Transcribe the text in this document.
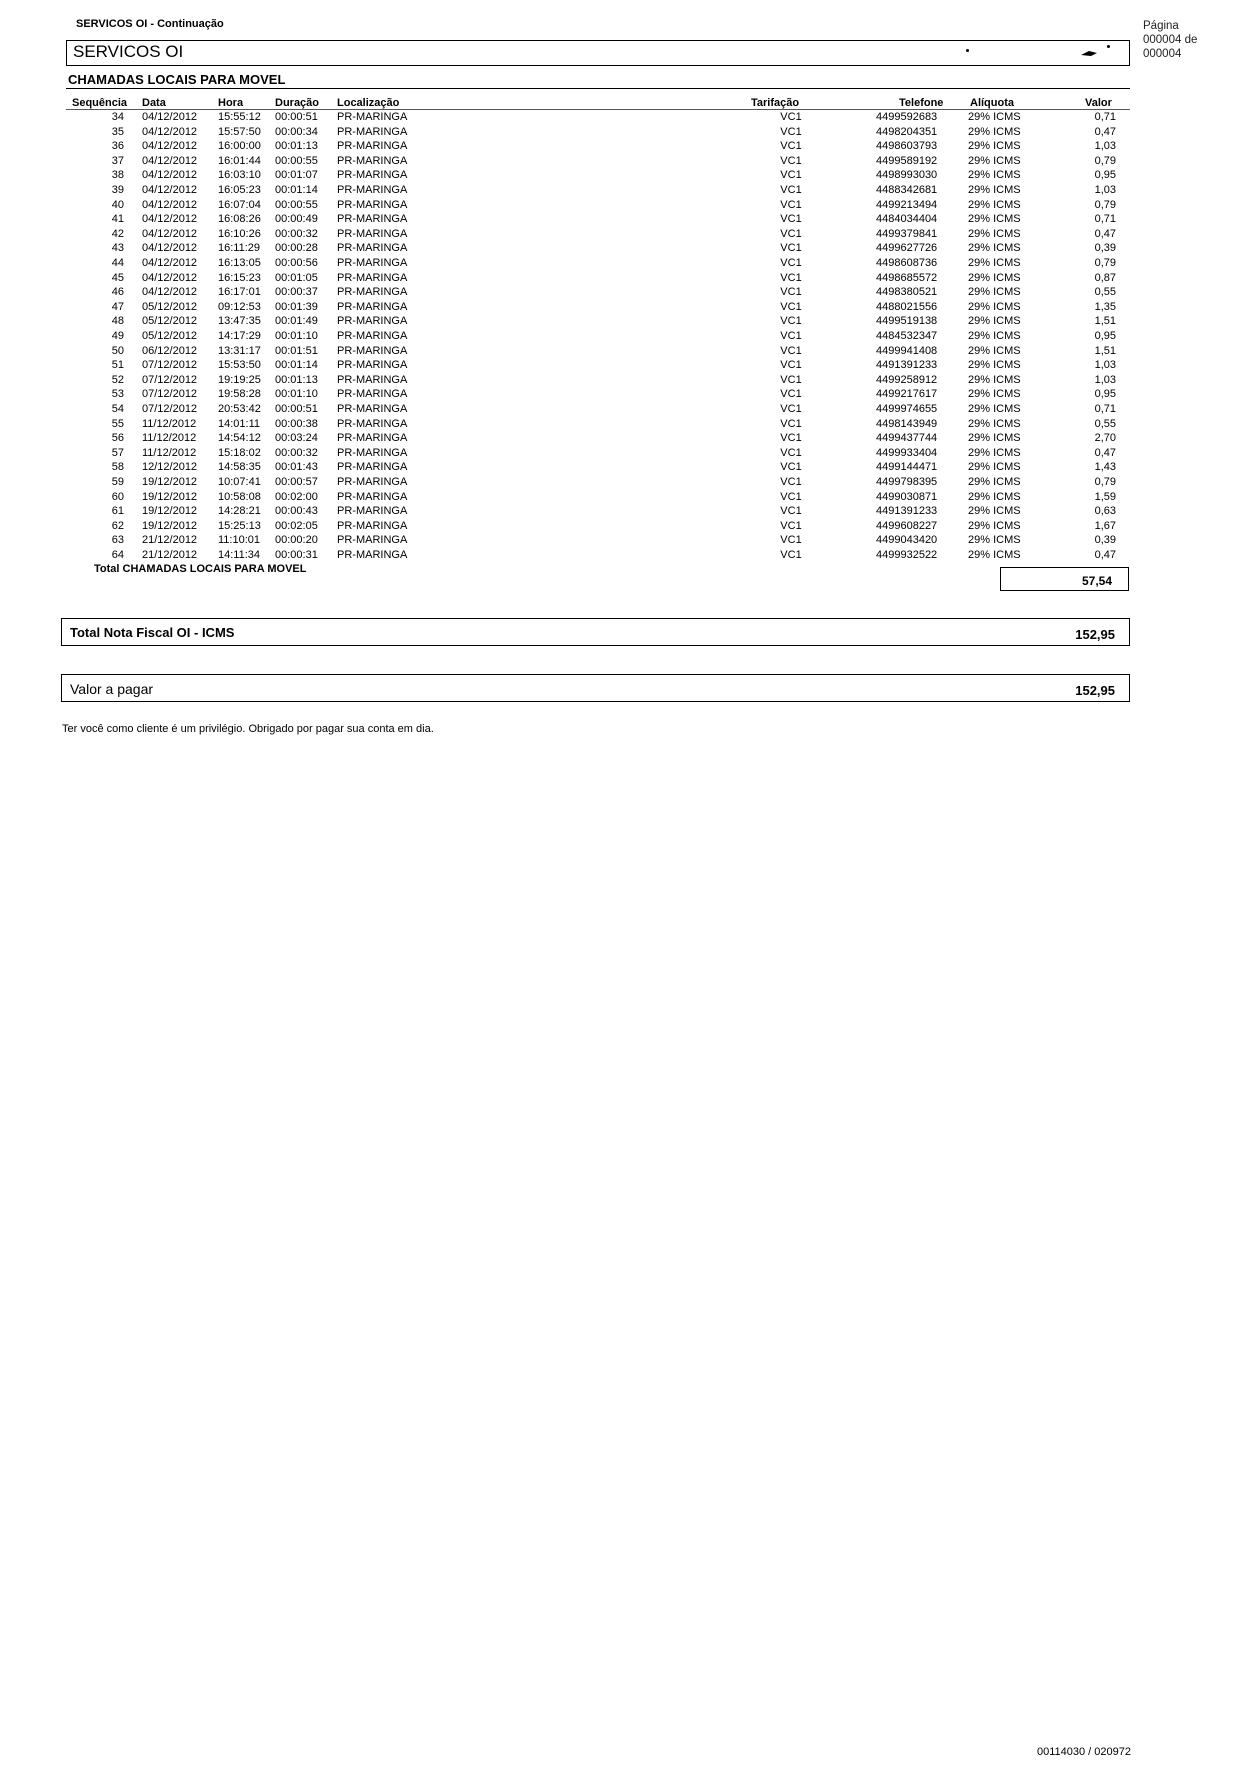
SERVICOS OI - Continuação	Página
000004 de
000004
SERVICOS OI
CHAMADAS LOCAIS PARA MOVEL
Sequência Data	Hora	Duração Localização	Tarifação	Telefone Alíquota	Valor
34 04/12/2012 15:55:12 00:00:51 PR-MARINGA	VC1	4499592683	29% ICMS	0,71
35 04/12/2012 15:57:50 00:00:34 PR-MARINGA	VC1	4498204351	29% ICMS	0,47
36 04/12/2012 16:00:00 00:01:13 PR-MARINGA	VC1	4498603793	29% ICMS	1,03
37 04/12/2012 16:01:44 00:00:55 PR-MARINGA	VC1	4499589192	29% ICMS	0,79
38 04/12/2012 16:03:10 00:01:07 PR-MARINGA	VC1	4498993030	29% ICMS	0,95
39 04/12/2012 16:05:23 00:01:14 PR-MARINGA	VC1	4488342681	29% ICMS	1,03
40 04/12/2012 16:07:04 00:00:55 PR-MARINGA	VC1	4499213494	29% ICMS	0,79
41 04/12/2012 16:08:26 00:00:49 PR-MARINGA	VC1	4484034404	29% ICMS	0,71
42 04/12/2012 16:10:26 00:00:32 PR-MARINGA	VC1	4499379841	29% ICMS	0,47
43 04/12/2012 16:11:29 00:00:28 PR-MARINGA	VC1	4499627726	29% ICMS	0,39
44 04/12/2012 16:13:05 00:00:56 PR-MARINGA	VC1	4498608736	29% ICMS	0,79
45 04/12/2012 16:15:23 00:01:05 PR-MARINGA	VC1	4498685572	29% ICMS	0,87
46 04/12/2012 16:17:01 00:00:37 PR-MARINGA	VC1	4498380521	29% ICMS	0,55
47 05/12/2012 09:12:53 00:01:39 PR-MARINGA	VC1	4488021556	29% ICMS	1,35
48 05/12/2012 13:47:35 00:01:49 PR-MARINGA	VC1	4499519138	29% ICMS	1,51
49 05/12/2012 14:17:29 00:01:10 PR-MARINGA	VC1	4484532347	29% ICMS	0,95
50 06/12/2012 13:31:17 00:01:51 PR-MARINGA	VC1	4499941408	29% ICMS	1,51
51 07/12/2012 15:53:50 00:01:14 PR-MARINGA	VC1	4491391233	29% ICMS	1,03
52 07/12/2012 19:19:25 00:01:13 PR-MARINGA	VC1	4499258912	29% ICMS	1,03
53 07/12/2012 19:58:28 00:01:10 PR-MARINGA	VC1	4499217617	29% ICMS	0,95
54 07/12/2012 20:53:42 00:00:51 PR-MARINGA	VC1	4499974655	29% ICMS	0,71
55 11/12/2012 14:01:11 00:00:38 PR-MARINGA	VC1	4498143949	29% ICMS	0,55
56 11/12/2012 14:54:12 00:03:24 PR-MARINGA	VC1	4499437744	29% ICMS	2,70
57 11/12/2012 15:18:02 00:00:32 PR-MARINGA	VC1	4499933404	29% ICMS	0,47
58 12/12/2012 14:58:35 00:01:43 PR-MARINGA	VC1	4499144471	29% ICMS	1,43
59 19/12/2012 10:07:41 00:00:57 PR-MARINGA	VC1	4499798395	29% ICMS	0,79
60 19/12/2012 10:58:08 00:02:00 PR-MARINGA	VC1	4499030871	29% ICMS	1,59
61 19/12/2012 14:28:21 00:00:43 PR-MARINGA	VC1	4491391233	29% ICMS	0,63
62 19/12/2012 15:25:13 00:02:05 PR-MARINGA	VC1	4499608227	29% ICMS	1,67
63 21/12/2012 11:10:01 00:00:20 PR-MARINGA	VC1	4499043420	29% ICMS	0,39
64 21/12/2012 14:11:34 00:00:31 PR-MARINGA	VC1	4499932522	29% ICMS	0,47
Total CHAMADAS LOCAIS PARA MOVEL
57,54
Total Nota Fiscal OI - ICMS	152,95
Valor a pagar	152,95
Ter você como cliente é um privilégio. Obrigado por pagar sua conta em dia.
00114030 / 020972
